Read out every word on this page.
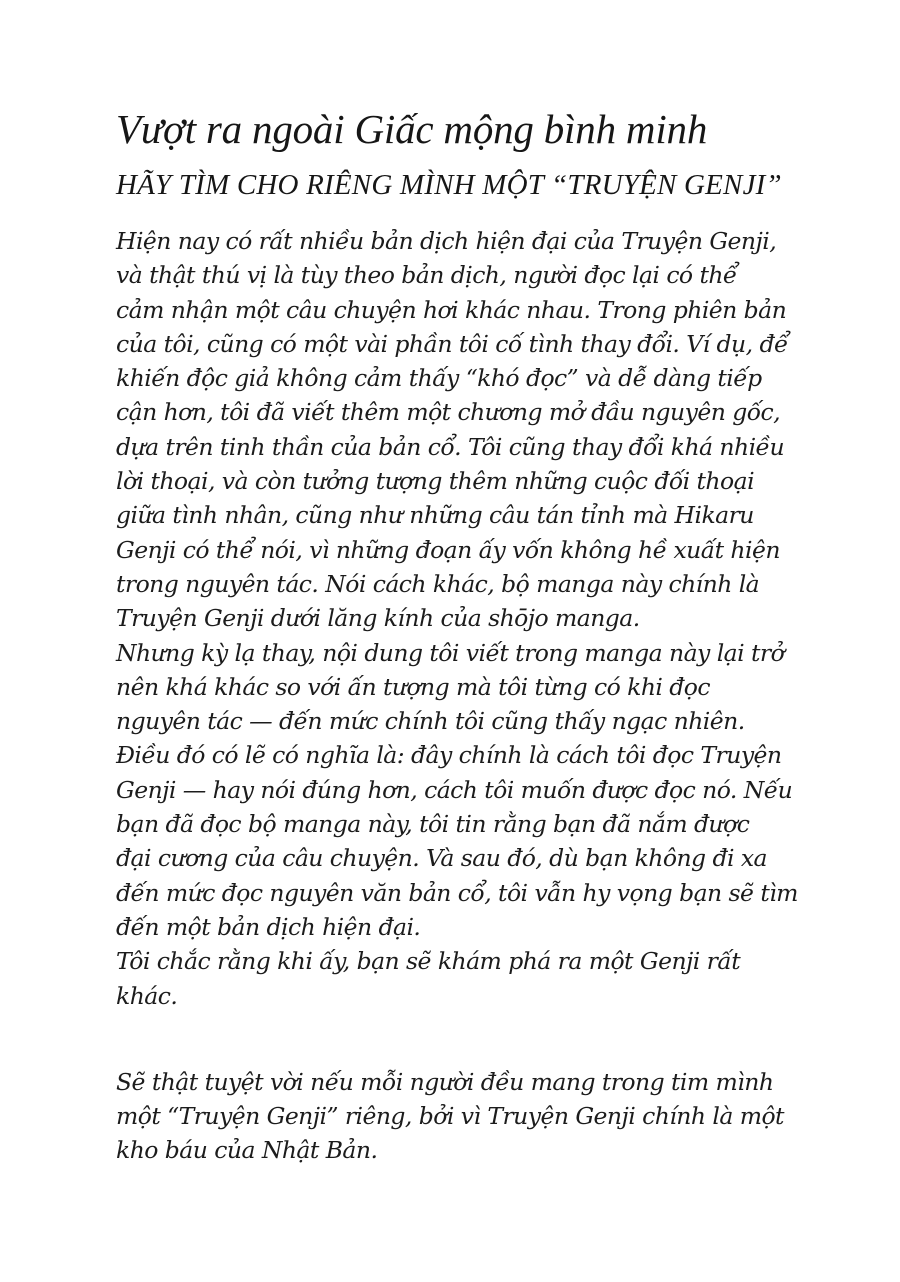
Vượt ra ngoài Giấc mộng bình minh
HÃY TÌM CHO RIÊNG MÌNH MỘT “TRUYỆN GENJI”
Hiện nay có rất nhiều bản dịch hiện đại của Truyện Genji,
và thật thú vị là tùy theo bản dịch, người đọc lại có thể
cảm nhận một câu chuyện hơi khác nhau. Trong phiên bản
của tôi, cũng có một vài phần tôi cố tình thay đổi. Ví dụ, để
khiến độc giả không cảm thấy “khó đọc” và dễ dàng tiếp
cận hơn, tôi đã viết thêm một chương mở đầu nguyên gốc,
dựa trên tinh thần của bản cổ. Tôi cũng thay đổi khá nhiều
lời thoại, và còn tưởng tượng thêm những cuộc đối thoại
giữa tình nhân, cũng như những câu tán tỉnh mà Hikaru
Genji có thể nói, vì những đoạn ấy vốn không hề xuất hiện
trong nguyên tác. Nói cách khác, bộ manga này chính là
Truyện Genji dưới lăng kính của shōjo manga.
Nhưng kỳ lạ thay, nội dung tôi viết trong manga này lại trở
nên khá khác so với ấn tượng mà tôi từng có khi đọc
nguyên tác — đến mức chính tôi cũng thấy ngạc nhiên.
Điều đó có lẽ có nghĩa là: đây chính là cách tôi đọc Truyện
Genji — hay nói đúng hơn, cách tôi muốn được đọc nó. Nếu
bạn đã đọc bộ manga này, tôi tin rằng bạn đã nắm được
đại cương của câu chuyện. Và sau đó, dù bạn không đi xa
đến mức đọc nguyên văn bản cổ, tôi vẫn hy vọng bạn sẽ tìm
đến một bản dịch hiện đại.
Tôi chắc rằng khi ấy, bạn sẽ khám phá ra một Genji rất
khác.
Sẽ thật tuyệt vời nếu mỗi người đều mang trong tim mình
một “Truyện Genji” riêng, bởi vì Truyện Genji chính là một
kho báu của Nhật Bản.
